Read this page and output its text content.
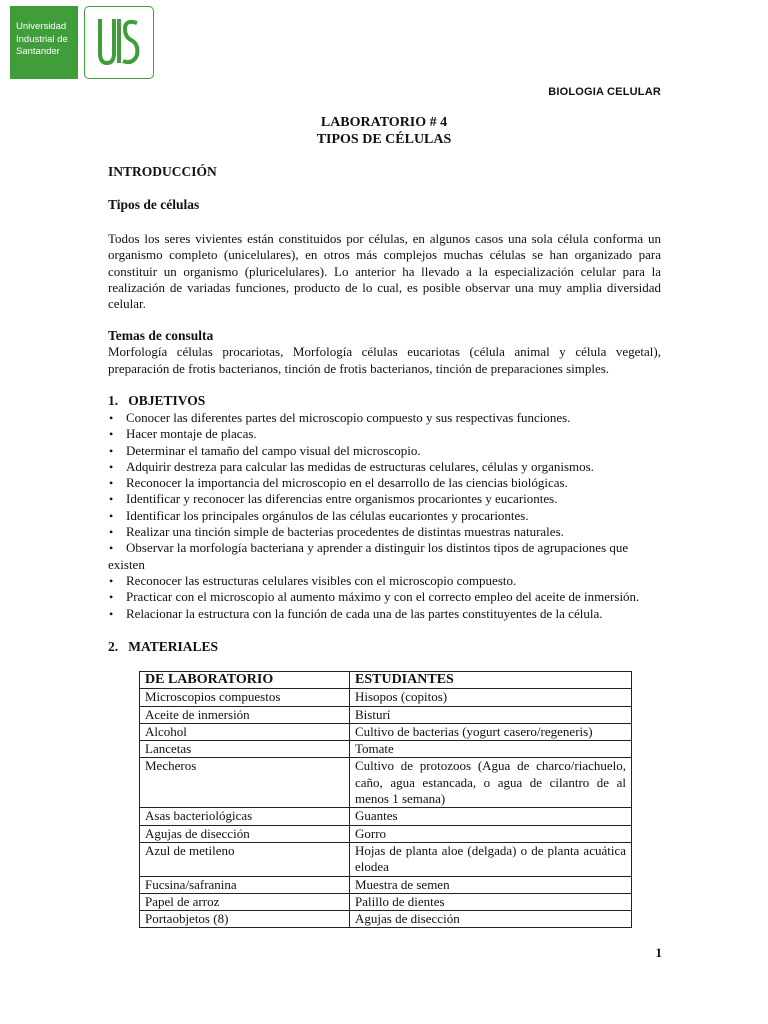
Universidad
Industrial de
Santander
BIOLOGIA CELULAR
LABORATORIO # 4
TIPOS DE CÉLULAS
INTRODUCCIÓN
Tipos de células
Todos los seres vivientes están constituidos por células, en algunos casos una sola célula conforma un organismo completo (unicelulares), en otros más complejos muchas células se han organizado para constituir un organismo (pluricelulares). Lo anterior ha llevado a la especialización celular para la realización de variadas funciones, producto de lo cual, es posible observar una muy amplia diversidad celular.
Temas de consulta
Morfología células procariotas, Morfología células eucariotas (célula animal y célula vegetal), preparación de frotis bacterianos, tinción de frotis bacterianos, tinción de preparaciones simples.
1. OBJETIVOS
• Conocer las diferentes partes del microscopio compuesto y sus respectivas funciones.
• Hacer montaje de placas.
• Determinar el tamaño del campo visual del microscopio.
• Adquirir destreza para calcular las medidas de estructuras celulares, células y organismos.
• Reconocer la importancia del microscopio en el desarrollo de las ciencias biológicas.
• Identificar y reconocer las diferencias entre organismos procariontes y eucariontes.
• Identificar los principales orgánulos de las células eucariontes y procariontes.
• Realizar una tinción simple de bacterias procedentes de distintas muestras naturales.
• Observar la morfología bacteriana y aprender a distinguir los distintos tipos de agrupaciones que existen
• Reconocer las estructuras celulares visibles con el microscopio compuesto.
• Practicar con el microscopio al aumento máximo y con el correcto empleo del aceite de inmersión.
• Relacionar la estructura con la función de cada una de las partes constituyentes de la célula.
2. MATERIALES
DE LABORATORIO	ESTUDIANTES
Microscopios compuestos	Hisopos (copitos)
Aceite de inmersión	Bisturí
Alcohol	Cultivo de bacterias (yogurt casero/regeneris)
Lancetas	Tomate
Mecheros	Cultivo de protozoos (Agua de charco/riachuelo, caño, agua estancada, o agua de cilantro de al menos 1 semana)
Asas bacteriológicas	Guantes
Agujas de disección	Gorro
Azul de metileno	Hojas de planta aloe (delgada) o de planta acuática elodea
Fucsina/safranina	Muestra de semen
Papel de arroz	Palillo de dientes
Portaobjetos (8)	Agujas de disección
1
